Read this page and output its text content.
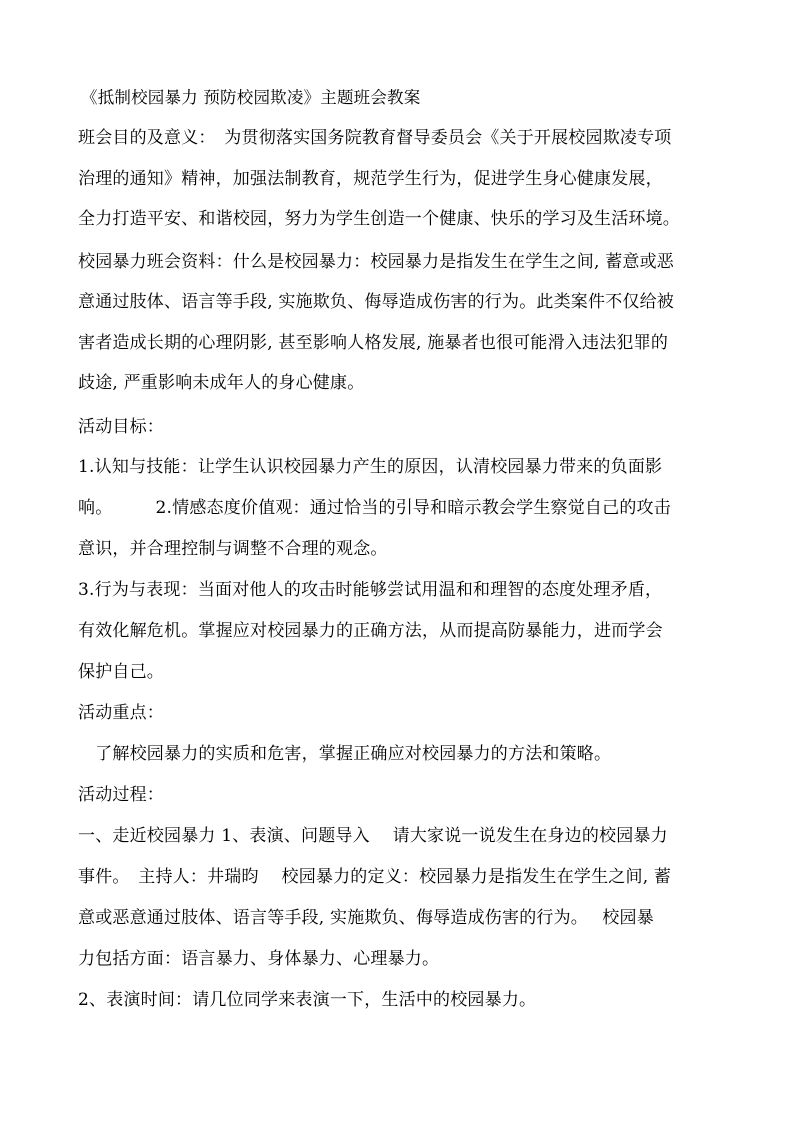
《抵制校园暴力 预防校园欺凌》主题班会教案
班会目的及意义：　为贯彻落实国务院教育督导委员会《关于开展校园欺凌专项
治理的通知》精神，加强法制教育，规范学生行为，促进学生身心健康发展，
全力打造平安、和谐校园，努力为学生创造一个健康、快乐的学习及生活环境。
校园暴力班会资料：什么是校园暴力：校园暴力是指发生在学生之间, 蓄意或恶
意通过肢体、语言等手段, 实施欺负、侮辱造成伤害的行为。此类案件不仅给被
害者造成长期的心理阴影, 甚至影响人格发展, 施暴者也很可能滑入违法犯罪的
歧途, 严重影响未成年人的身心健康。
活动目标：
1.认知与技能：让学生认识校园暴力产生的原因，认清校园暴力带来的负面影
响。　　　2.情感态度价值观：通过恰当的引导和暗示教会学生察觉自己的攻击
意识，并合理控制与调整不合理的观念。
3.行为与表现：当面对他人的攻击时能够尝试用温和和理智的态度处理矛盾，
有效化解危机。掌握应对校园暴力的正确方法，从而提高防暴能力，进而学会
保护自己。
活动重点：
　了解校园暴力的实质和危害，掌握正确应对校园暴力的方法和策略。
活动过程：
一、走近校园暴力 1、表演、问题导入　 请大家说一说发生在身边的校园暴力
事件。　主持人：井瑞昀　 校园暴力的定义：校园暴力是指发生在学生之间, 蓄
意或恶意通过肢体、语言等手段, 实施欺负、侮辱造成伤害的行为。　 校园暴
力包括方面：语言暴力、身体暴力、心理暴力。
2、表演时间：请几位同学来表演一下，生活中的校园暴力。
